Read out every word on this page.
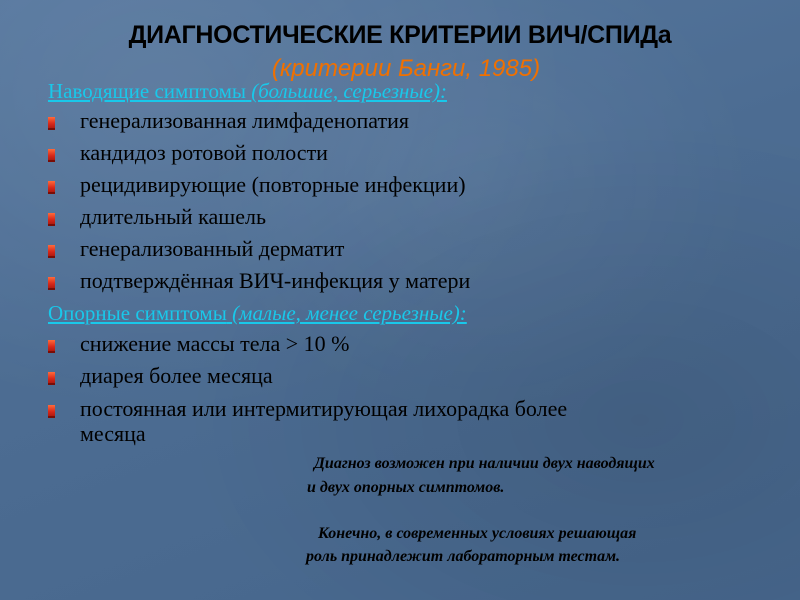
ДИАГНОСТИЧЕСКИЕ КРИТЕРИИ ВИЧ/СПИДа
(критерии Банги, 1985)
Наводящие симптомы (большие, серьезные):
генерализованная лимфаденопатия
кандидоз ротовой полости
рецидивирующие (повторные инфекции)
длительный кашель
генерализованный дерматит
подтверждённая ВИЧ-инфекция у матери
Опорные симптомы (малые, менее серьезные):
снижение массы тела > 10 %
диарея более месяца
постоянная или интермитирующая лихорадка более
месяца
Диагноз возможен при наличии двух наводящих
и двух опорных симптомов.
Конечно, в современных условиях решающая
роль принадлежит лабораторным тестам.
